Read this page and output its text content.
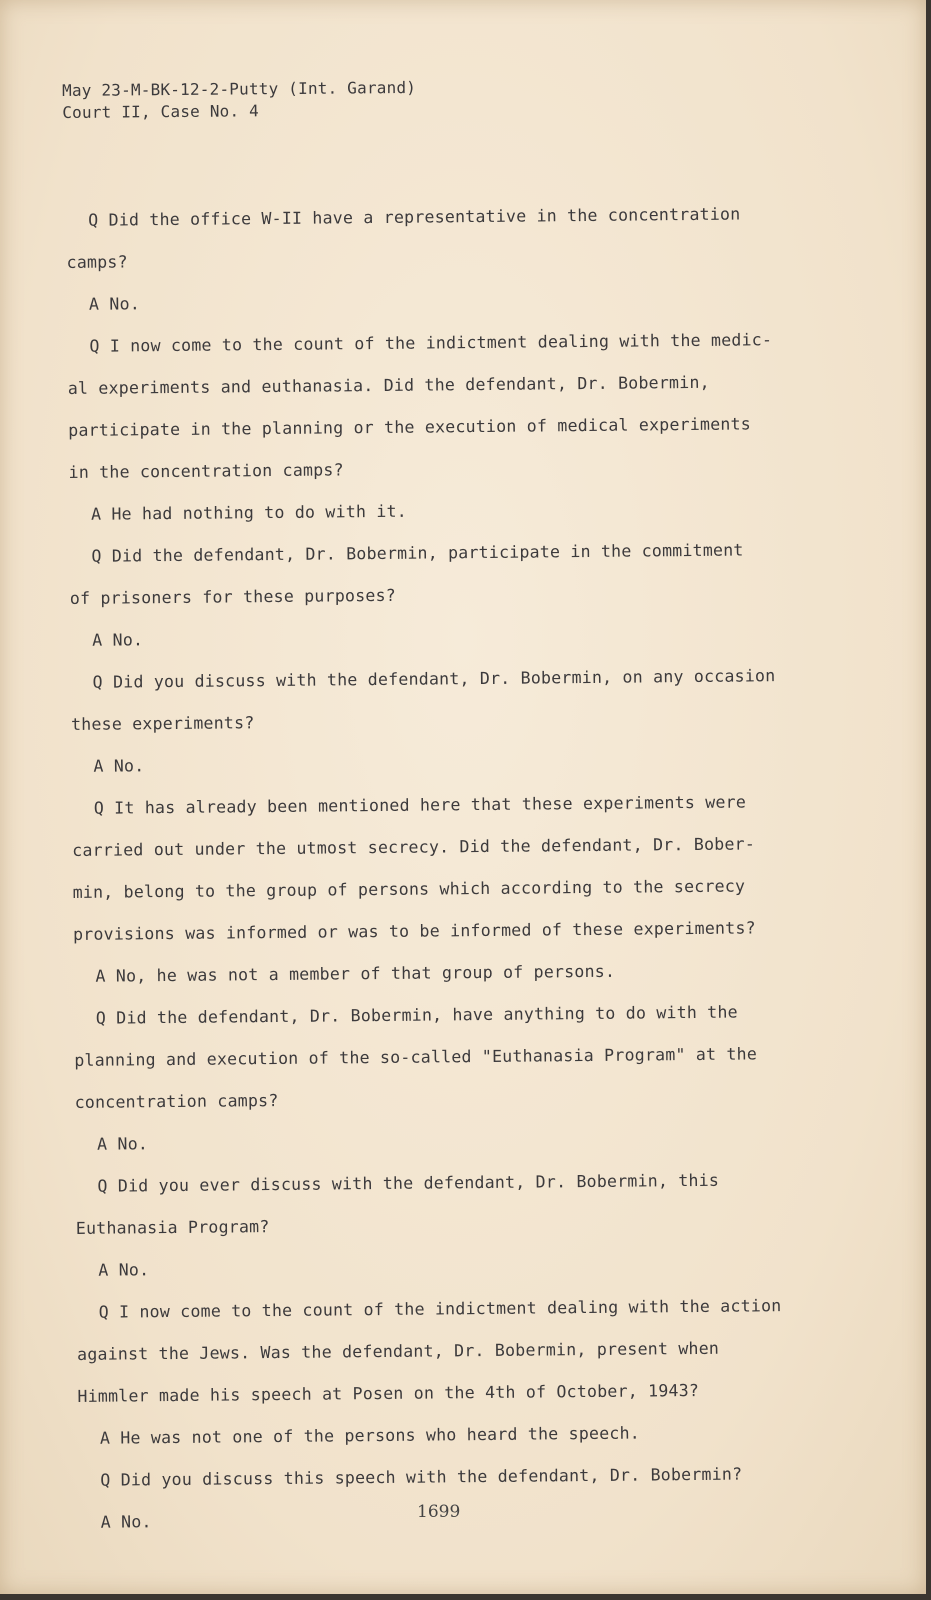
May 23-M-BK-12-2-Putty (Int. Garand)
Court II, Case No. 4

Q Did the office W-II have a representative in the concentration
camps?

A No.

Q I now come to the count of the indictment dealing with the medic-
al experiments and euthanasia. Did the defendant, Dr. Bobermin,
participate in the planning or the execution of medical experiments
in the concentration camps?

A He had nothing to do with it.

Q Did the defendant, Dr. Bobermin, participate in the commitment
of prisoners for these purposes?

A No.

Q Did you discuss with the defendant, Dr. Bobermin, on any occasion
these experiments?

A No.

Q It has already been mentioned here that these experiments were
carried out under the utmost secrecy. Did the defendant, Dr. Bober-
min, belong to the group of persons which according to the secrecy
provisions was informed or was to be informed of these experiments?

A No, he was not a member of that group of persons.

Q Did the defendant, Dr. Bobermin, have anything to do with the
planning and execution of the so-called "Euthanasia Program" at the
concentration camps?

A No.

Q Did you ever discuss with the defendant, Dr. Bobermin, this
Euthanasia Program?

A No.

Q I now come to the count of the indictment dealing with the action
against the Jews. Was the defendant, Dr. Bobermin, present when
Himmler made his speech at Posen on the 4th of October, 1943?

A He was not one of the persons who heard the speech.

Q Did you discuss this speech with the defendant, Dr. Bobermin?

A No.	1699
